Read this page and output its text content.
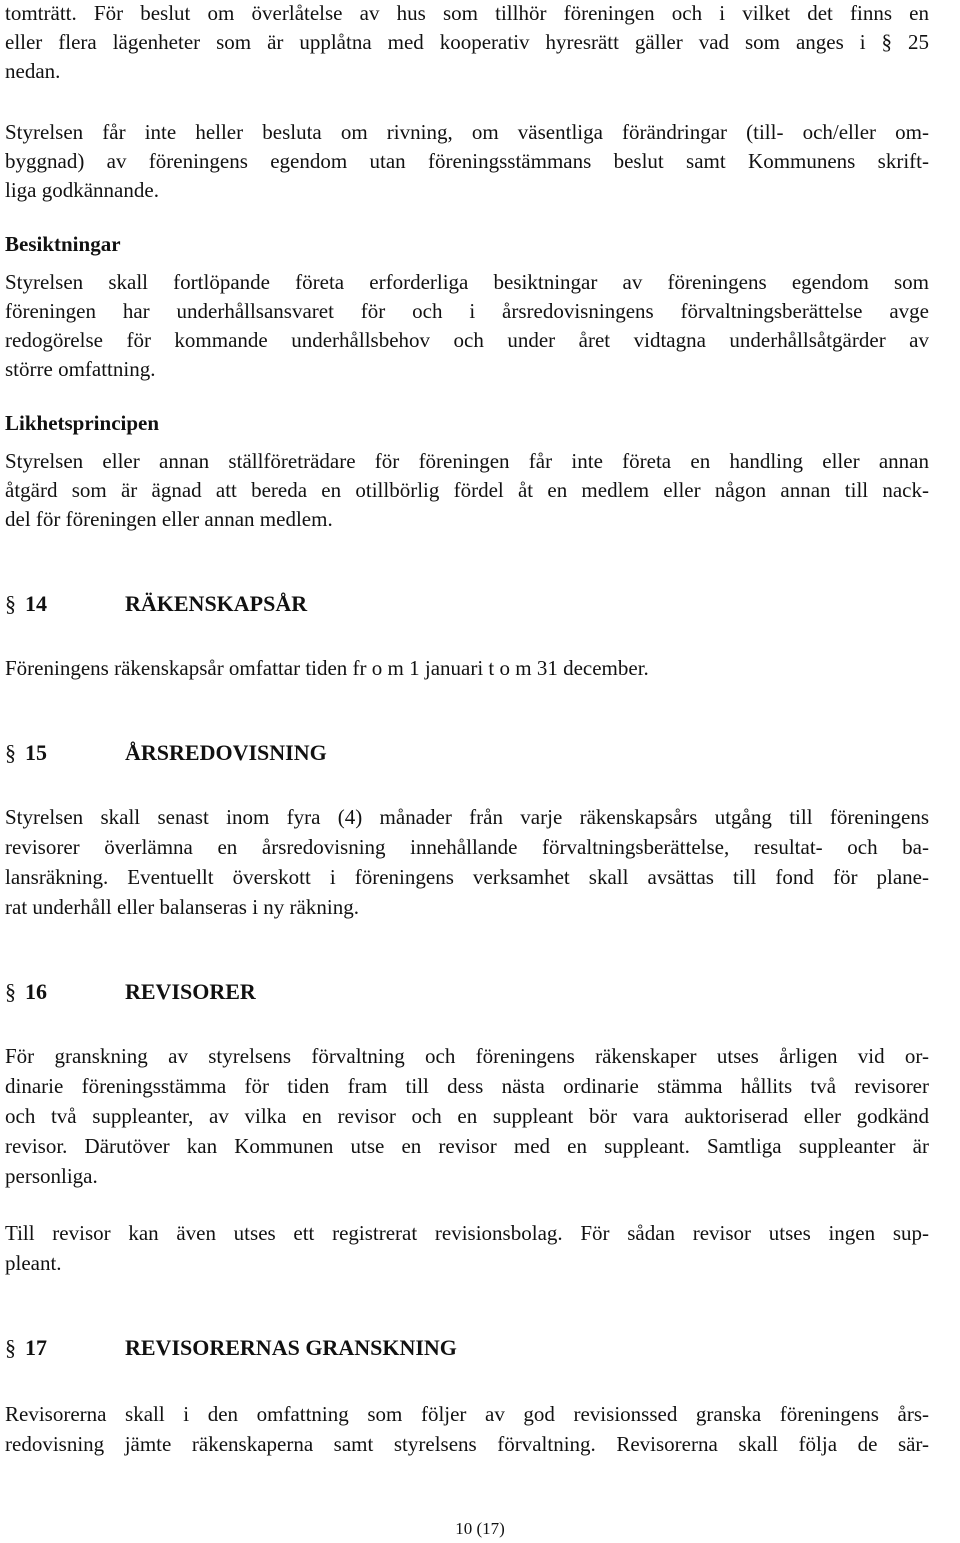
tomträtt. För beslut om överlåtelse av hus som tillhör föreningen och i vilket det finns en

eller flera lägenheter som är upplåtna med kooperativ hyresrätt gäller vad som anges i § 25

nedan.

Styrelsen får inte heller besluta om rivning, om väsentliga förändringar (till- och/eller om-

byggnad) av föreningens egendom utan föreningsstämmans beslut samt Kommunens skrift-

liga godkännande.

Besiktningar

Styrelsen skall fortlöpande företa erforderliga besiktningar av föreningens egendom som

föreningen har underhållsansvaret för och i årsredovisningens förvaltningsberättelse avge

redogörelse för kommande underhållsbehov och under året vidtagna underhållsåtgärder av

större omfattning.

Likhetsprincipen

Styrelsen eller annan ställföreträdare för föreningen får inte företa en handling eller annan

åtgärd som är ägnad att bereda en otillbörlig fördel åt en medlem eller någon annan till nack-

del för föreningen eller annan medlem.

§ 14	RÄKENSKAPSÅR

Föreningens räkenskapsår omfattar tiden fr o m 1 januari t o m 31 december.

§ 15	ÅRSREDOVISNING

Styrelsen skall senast inom fyra (4) månader från varje räkenskapsårs utgång till föreningens

revisorer överlämna en årsredovisning innehållande förvaltningsberättelse, resultat- och ba-

lansräkning. Eventuellt överskott i föreningens verksamhet skall avsättas till fond för plane-

rat underhåll eller balanseras i ny räkning.

§ 16	REVISORER

För granskning av styrelsens förvaltning och föreningens räkenskaper utses årligen vid or-

dinarie föreningsstämma för tiden fram till dess nästa ordinarie stämma hållits två revisorer

och två suppleanter, av vilka en revisor och en suppleant bör vara auktoriserad eller godkänd

revisor. Därutöver kan Kommunen utse en revisor med en suppleant. Samtliga suppleanter är

personliga.

Till revisor kan även utses ett registrerat revisionsbolag. För sådan revisor utses ingen sup-

pleant.

§ 17	REVISORERNAS GRANSKNING

Revisorerna skall i den omfattning som följer av god revisionssed granska föreningens års-

redovisning jämte räkenskaperna samt styrelsens förvaltning. Revisorerna skall följa de sär-

10 (17)
